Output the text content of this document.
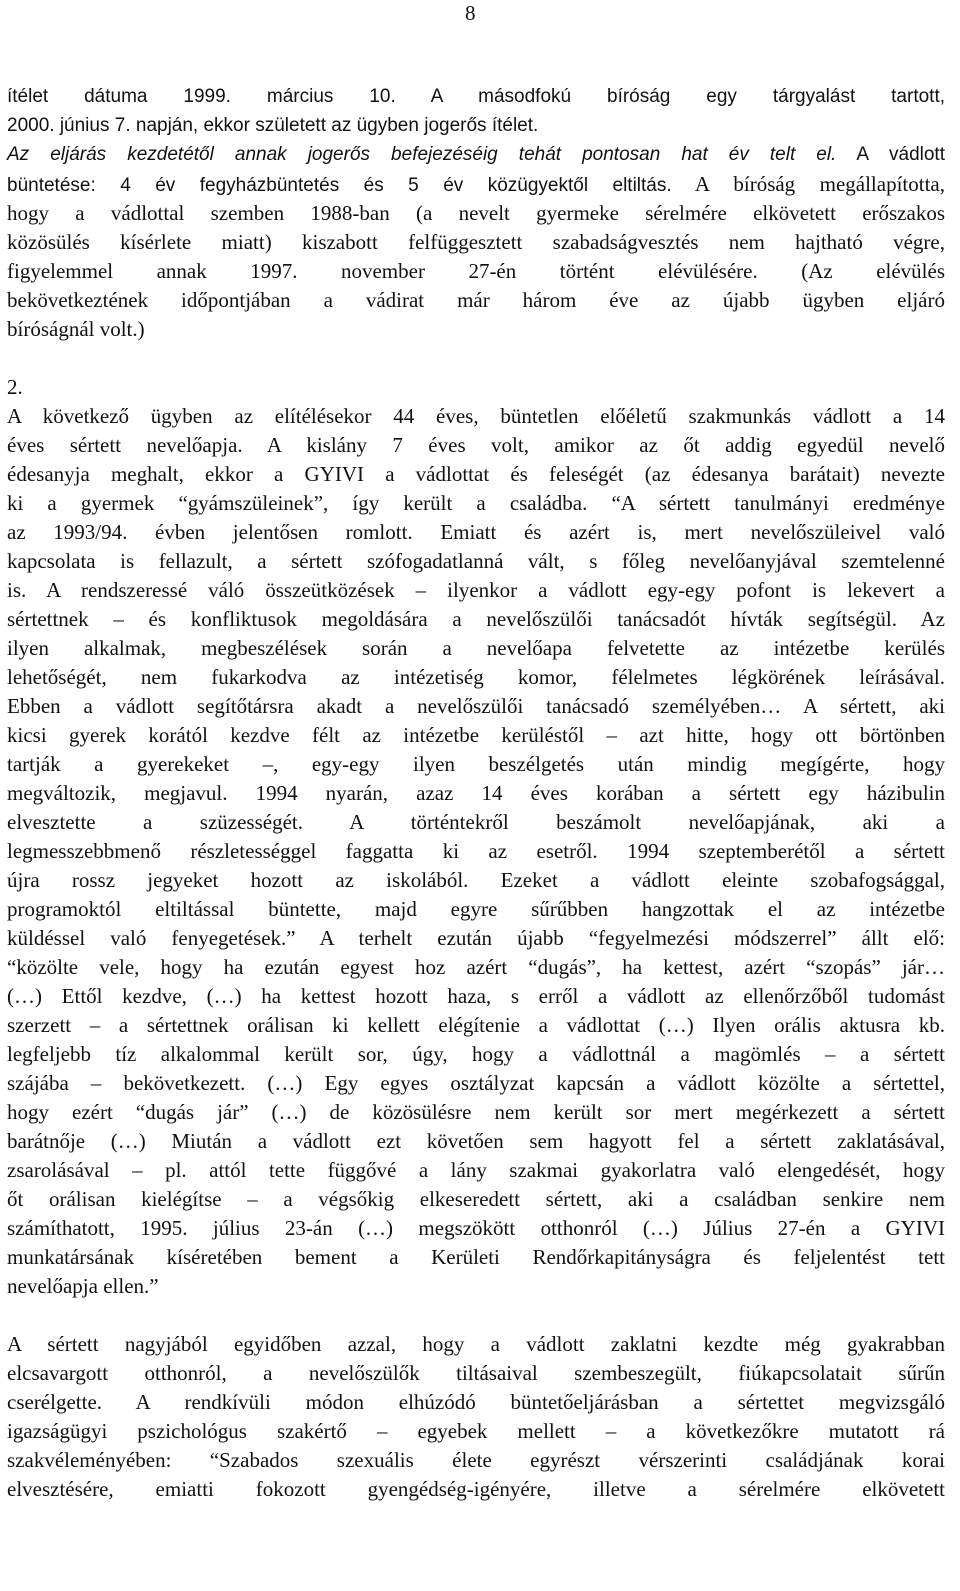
8
ítélet dátuma 1999. március 10. A másodfokú bíróság egy tárgyalást tartott,
2000. június 7. napján, ekkor született az ügyben jogerős ítélet.
Az eljárás kezdetétől annak jogerős befejezéséig tehát pontosan hat év telt el. A vádlott
büntetése: 4 év fegyházbüntetés és 5 év közügyektől eltiltás. A bíróság megállapította,
hogy a vádlottal szemben 1988-ban (a nevelt gyermeke sérelmére elkövetett erőszakos
közösülés kísérlete miatt) kiszabott felfüggesztett szabadságvesztés nem hajtható végre,
figyelemmel annak 1997. november 27-én történt elévülésére. (Az elévülés
bekövetkeztének időpontjában a vádirat már három éve az újabb ügyben eljáró
bíróságnál volt.)
2.
A következő ügyben az elítélésekor 44 éves, büntetlen előéletű szakmunkás vádlott a 14
éves sértett nevelőapja. A kislány 7 éves volt, amikor az őt addig egyedül nevelő
édesanyja meghalt, ekkor a GYIVI a vádlottat és feleségét (az édesanya barátait) nevezte
ki a gyermek “gyámszüleinek”, így került a családba. “A sértett tanulmányi eredménye
az 1993/94. évben jelentősen romlott. Emiatt és azért is, mert nevelőszüleivel való
kapcsolata is fellazult, a sértett szófogadatlanná vált, s főleg nevelőanyjával szemtelenné
is. A rendszeressé váló összeütközések – ilyenkor a vádlott egy-egy pofont is lekevert a
sértettnek – és konfliktusok megoldására a nevelőszülői tanácsadót hívták segítségül. Az
ilyen alkalmak, megbeszélések során a nevelőapa felvetette az intézetbe kerülés
lehetőségét, nem fukarkodva az intézetiség komor, félelmetes légkörének leírásával.
Ebben a vádlott segítőtársra akadt a nevelőszülői tanácsadó személyében… A sértett, aki
kicsi gyerek korától kezdve félt az intézetbe kerüléstől – azt hitte, hogy ott börtönben
tartják a gyerekeket –, egy-egy ilyen beszélgetés után mindig megígérte, hogy
megváltozik, megjavul. 1994 nyarán, azaz 14 éves korában a sértett egy házibulin
elvesztette a szüzességét. A történtekről beszámolt nevelőapjának, aki a
legmesszebbmenő részletességgel faggatta ki az esetről. 1994 szeptemberétől a sértett
újra rossz jegyeket hozott az iskolából. Ezeket a vádlott eleinte szobafogsággal,
programoktól eltiltással büntette, majd egyre sűrűbben hangzottak el az intézetbe
küldéssel való fenyegetések.” A terhelt ezután újabb “fegyelmezési módszerrel” állt elő:
“közölte vele, hogy ha ezután egyest hoz azért “dugás”, ha kettest, azért “szopás” jár…
(…) Ettől kezdve, (…) ha kettest hozott haza, s erről a vádlott az ellenőrzőből tudomást
szerzett – a sértettnek orálisan ki kellett elégítenie a vádlottat (…) Ilyen orális aktusra kb.
legfeljebb tíz alkalommal került sor, úgy, hogy a vádlottnál a magömlés – a sértett
szájába – bekövetkezett. (…) Egy egyes osztályzat kapcsán a vádlott közölte a sértettel,
hogy ezért “dugás jár” (…) de közösülésre nem került sor mert megérkezett a sértett
barátnője (…) Miután a vádlott ezt követően sem hagyott fel a sértett zaklatásával,
zsarolásával – pl. attól tette függővé a lány szakmai gyakorlatra való elengedését, hogy
őt orálisan kielégítse – a végsőkig elkeseredett sértett, aki a családban senkire nem
számíthatott, 1995. július 23-án (…) megszökött otthonról (…) Július 27-én a GYIVI
munkatársának kíséretében bement a Kerületi Rendőrkapitányságra és feljelentést tett
nevelőapja ellen.”
A sértett nagyjából egyidőben azzal, hogy a vádlott zaklatni kezdte még gyakrabban
elcsavargott otthonról, a nevelőszülők tiltásaival szembeszegült, fiúkapcsolatait sűrűn
cserélgette. A rendkívüli módon elhúzódó büntetőeljárásban a sértettet megvizsgáló
igazságügyi pszichológus szakértő – egyebek mellett – a következőkre mutatott rá
szakvéleményében: “Szabados szexuális élete egyrészt vérszerinti családjának korai
elvesztésére, emiatti fokozott gyengédség-igényére, illetve a sérelmére elkövetett
